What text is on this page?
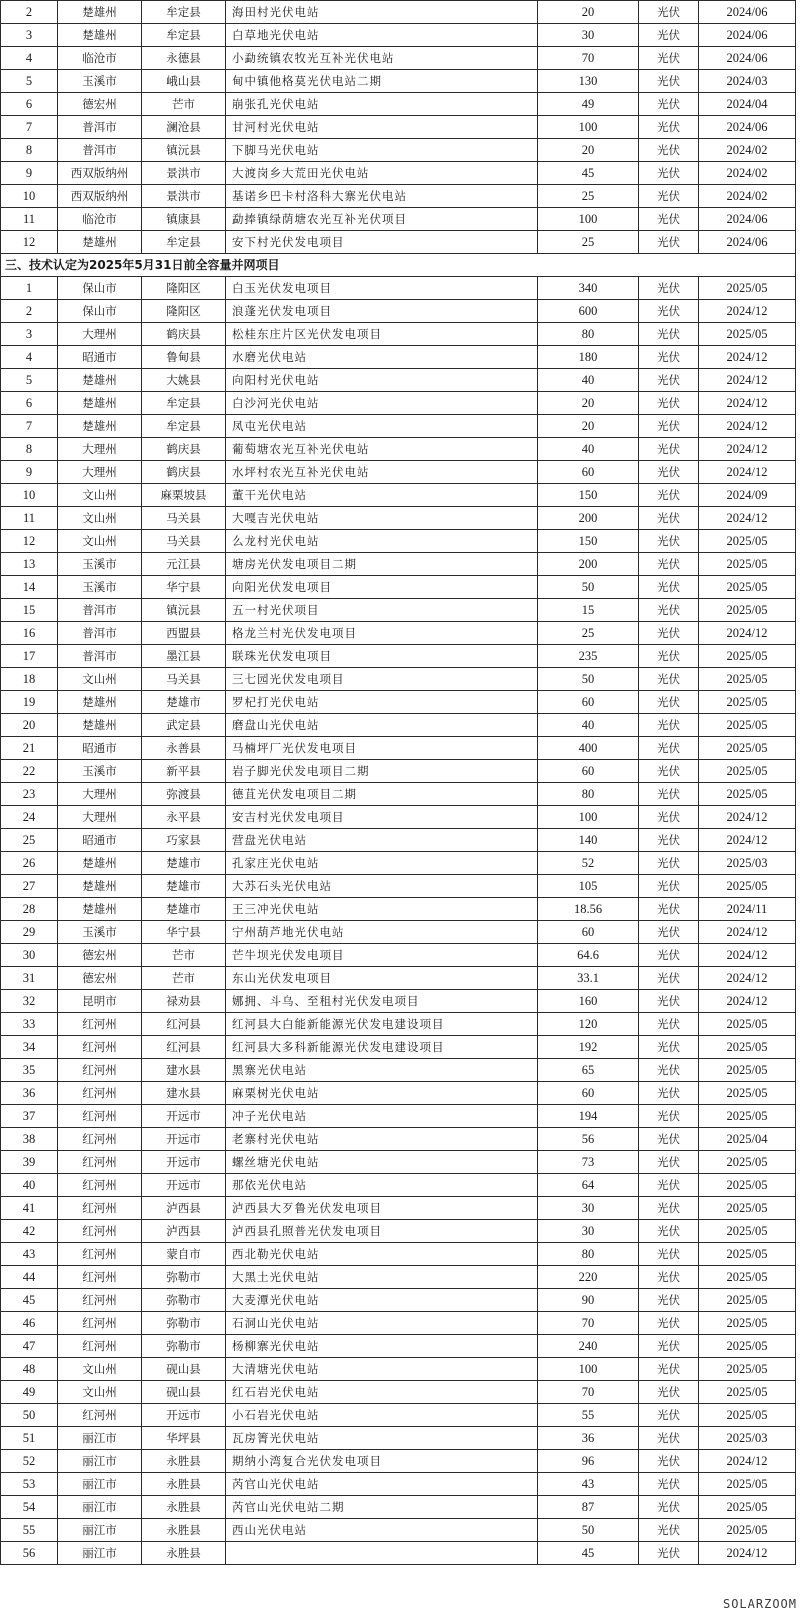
2	楚雄州	牟定县	海田村光伏电站	20	光伏	2024/06
3	楚雄州	牟定县	白草地光伏电站	30	光伏	2024/06
4	临沧市	永德县	小勐统镇农牧光互补光伏电站	70	光伏	2024/06
5	玉溪市	峨山县	甸中镇他格莫光伏电站二期	130	光伏	2024/03
6	德宏州	芒市	崩张孔光伏电站	49	光伏	2024/04
7	普洱市	澜沧县	甘河村光伏电站	100	光伏	2024/06
8	普洱市	镇沅县	下脚马光伏电站	20	光伏	2024/02
9	西双版纳州	景洪市	大渡岗乡大荒田光伏电站	45	光伏	2024/02
10	西双版纳州	景洪市	基诺乡巴卡村洛科大寨光伏电站	25	光伏	2024/02
11	临沧市	镇康县	勐捧镇绿荫塘农光互补光伏项目	100	光伏	2024/06
12	楚雄州	牟定县	安下村光伏发电项目	25	光伏	2024/06
三、技术认定为2025年5月31日前全容量并网项目						
1	保山市	隆阳区	白玉光伏发电项目	340	光伏	2025/05
2	保山市	隆阳区	浪蓬光伏发电项目	600	光伏	2024/12
3	大理州	鹤庆县	松桂东庄片区光伏发电项目	80	光伏	2025/05
4	昭通市	鲁甸县	水磨光伏电站	180	光伏	2024/12
5	楚雄州	大姚县	向阳村光伏电站	40	光伏	2024/12
6	楚雄州	牟定县	白沙河光伏电站	20	光伏	2024/12
7	楚雄州	牟定县	凤屯光伏电站	20	光伏	2024/12
8	大理州	鹤庆县	葡萄塘农光互补光伏电站	40	光伏	2024/12
9	大理州	鹤庆县	水坪村农光互补光伏电站	60	光伏	2024/12
10	文山州	麻栗坡县	董干光伏电站	150	光伏	2024/09
11	文山州	马关县	大嘎吉光伏电站	200	光伏	2024/12
12	文山州	马关县	么龙村光伏电站	150	光伏	2025/05
13	玉溪市	元江县	塘房光伏发电项目二期	200	光伏	2025/05
14	玉溪市	华宁县	向阳光伏发电项目	50	光伏	2025/05
15	普洱市	镇沅县	五一村光伏项目	15	光伏	2025/05
16	普洱市	西盟县	格龙兰村光伏发电项目	25	光伏	2024/12
17	普洱市	墨江县	联珠光伏发电项目	235	光伏	2025/05
18	文山州	马关县	三七园光伏发电项目	50	光伏	2025/05
19	楚雄州	楚雄市	罗杞打光伏电站	60	光伏	2025/05
20	楚雄州	武定县	磨盘山光伏电站	40	光伏	2025/05
21	昭通市	永善县	马楠坪厂光伏发电项目	400	光伏	2025/05
22	玉溪市	新平县	岩子脚光伏发电项目二期	60	光伏	2025/05
23	大理州	弥渡县	德苴光伏发电项目二期	80	光伏	2025/05
24	大理州	永平县	安吉村光伏发电项目	100	光伏	2024/12
25	昭通市	巧家县	营盘光伏电站	140	光伏	2024/12
26	楚雄州	楚雄市	孔家庄光伏电站	52	光伏	2025/03
27	楚雄州	楚雄市	大苏石头光伏电站	105	光伏	2025/05
28	楚雄州	楚雄市	王三冲光伏电站	18.56	光伏	2024/11
29	玉溪市	华宁县	宁州葫芦地光伏电站	60	光伏	2024/12
30	德宏州	芒市	芒牛坝光伏发电项目	64.6	光伏	2024/12
31	德宏州	芒市	东山光伏发电项目	33.1	光伏	2024/12
32	昆明市	禄劝县	娜拥、斗乌、至租村光伏发电项目	160	光伏	2024/12
33	红河州	红河县	红河县大白能新能源光伏发电建设项目	120	光伏	2025/05
34	红河州	红河县	红河县大多科新能源光伏发电建设项目	192	光伏	2025/05
35	红河州	建水县	黑寨光伏电站	65	光伏	2025/05
36	红河州	建水县	麻栗树光伏电站	60	光伏	2025/05
37	红河州	开远市	冲子光伏电站	194	光伏	2025/05
38	红河州	开远市	老寨村光伏电站	56	光伏	2025/04
39	红河州	开远市	螺丝塘光伏电站	73	光伏	2025/05
40	红河州	开远市	那依光伏电站	64	光伏	2025/05
41	红河州	泸西县	泸西县大歹鲁光伏发电项目	30	光伏	2025/05
42	红河州	泸西县	泸西县孔照普光伏发电项目	30	光伏	2025/05
43	红河州	蒙自市	西北勒光伏电站	80	光伏	2025/05
44	红河州	弥勒市	大黑土光伏电站	220	光伏	2025/05
45	红河州	弥勒市	大麦潭光伏电站	90	光伏	2025/05
46	红河州	弥勒市	石洞山光伏电站	70	光伏	2025/05
47	红河州	弥勒市	杨柳寨光伏电站	240	光伏	2025/05
48	文山州	砚山县	大清塘光伏电站	100	光伏	2025/05
49	文山州	砚山县	红石岩光伏电站	70	光伏	2025/05
50	红河州	开远市	小石岩光伏电站	55	光伏	2025/05
51	丽江市	华坪县	瓦房箐光伏电站	36	光伏	2025/03
52	丽江市	永胜县	期纳小湾复合光伏发电项目	96	光伏	2024/12
53	丽江市	永胜县	芮官山光伏电站	43	光伏	2025/05
54	丽江市	永胜县	芮官山光伏电站二期	87	光伏	2025/05
55	丽江市	永胜县	西山光伏电站	50	光伏	2025/05
56	丽江市	永胜县		45	光伏	2024/12
SOLARZOOM
